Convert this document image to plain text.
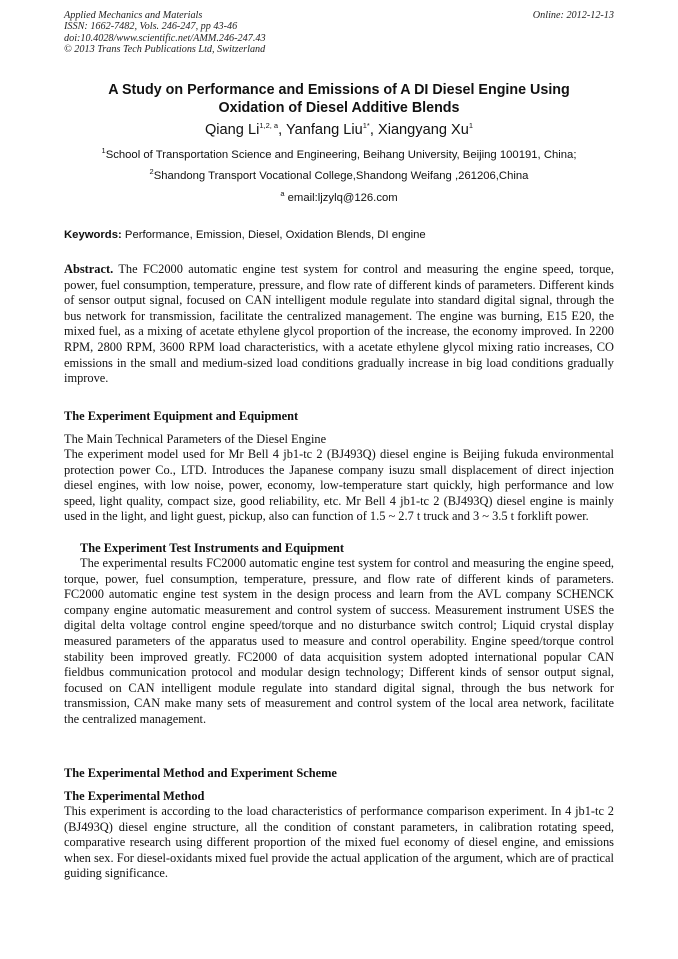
Applied Mechanics and Materials
ISSN: 1662-7482, Vols. 246-247, pp 43-46
doi:10.4028/www.scientific.net/AMM.246-247.43
© 2013 Trans Tech Publications Ltd, Switzerland
Online: 2012-12-13
A Study on Performance and Emissions of A DI Diesel Engine Using
Oxidation of Diesel Additive Blends
Qiang Li$^{1,2, a}$, Yanfang Liu$^{1*}$, Xiangyang Xu$^1$
$^1$School of Transportation Science and Engineering, Beihang University, Beijing 100191, China;
$^2$Shandong Transport Vocational College,Shandong Weifang ,261206,China
$^a$ email:ljzylq@126.com
Keywords: Performance, Emission, Diesel, Oxidation Blends, DI engine
Abstract. The FC2000 automatic engine test system for control and measuring the engine speed, torque, power, fuel consumption, temperature, pressure, and flow rate of different kinds of parameters. Different kinds of sensor output signal, focused on CAN intelligent module regulate into standard digital signal, through the bus network for transmission, facilitate the centralized management. The engine was burning, E15 E20, the mixed fuel, as a mixing of acetate ethylene glycol proportion of the increase, the economy improved. In 2200 RPM, 2800 RPM, 3600 RPM load characteristics, with a acetate ethylene glycol mixing ratio increases, CO emissions in the small and medium-sized load conditions gradually increase in big load conditions gradually improve.
The Experiment Equipment and Equipment
The Main Technical Parameters of the Diesel Engine
The experiment model used for Mr Bell 4 jb1-tc 2 (BJ493Q) diesel engine is Beijing fukuda environmental protection power Co., LTD. Introduces the Japanese company isuzu small displacement of direct injection diesel engines, with low noise, power, economy, low-temperature start quickly, high performance and low speed, light quality, compact size, good reliability, etc. Mr Bell 4 jb1-tc 2 (BJ493Q) diesel engine is mainly used in the light, and light guest, pickup, also can function of 1.5 ~ 2.7 t truck and 3 ~ 3.5 t forklift power.
The Experiment Test Instruments and Equipment
The experimental results FC2000 automatic engine test system for control and measuring the engine speed, torque, power, fuel consumption, temperature, pressure, and flow rate of different kinds of parameters. FC2000 automatic engine test system in the design process and learn from the AVL company SCHENCK company engine automatic measurement and control system of success. Measurement instrument USES the digital delta voltage control engine speed/torque and no disturbance switch control; Liquid crystal display measured parameters of the apparatus used to measure and control operability. Engine speed/torque control stability been improved greatly. FC2000 of data acquisition system adopted international popular CAN fieldbus communication protocol and modular design technology; Different kinds of sensor output signal, focused on CAN intelligent module regulate into standard digital signal, through the bus network for transmission, CAN make many sets of measurement and control system of the local area network, facilitate the centralized management.
The Experimental Method and Experiment Scheme
The Experimental Method
This experiment is according to the load characteristics of performance comparison experiment. In 4 jb1-tc 2 (BJ493Q) diesel engine structure, all the condition of constant parameters, in calibration rotating speed, comparative research using different proportion of the mixed fuel economy of diesel engine, and emissions when sex. For diesel-oxidants mixed fuel provide the actual application of the argument, which are of practical guiding significance.
